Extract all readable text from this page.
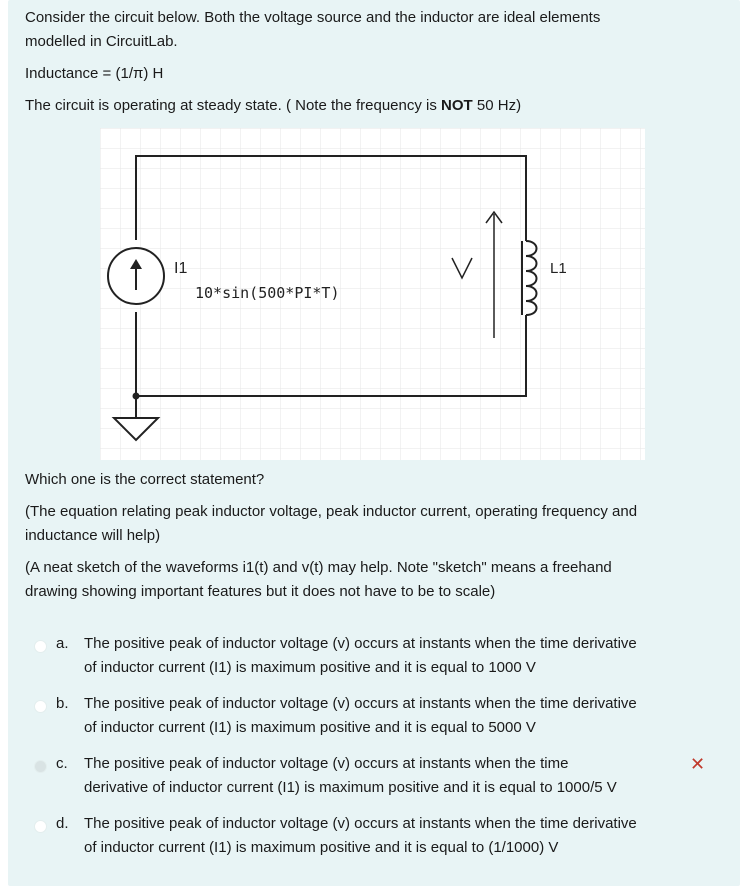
Consider the circuit below. Both the voltage source and the inductor are ideal elements

modelled in CircuitLab.

Inductance = (1/π) H

The circuit is operating at steady state. ( Note the frequency is NOT 50 Hz)

I1
10*sin(500*PI*T)
L1

Which one is the correct statement?

(The equation relating peak inductor voltage, peak inductor current, operating frequency and

inductance will help)

(A neat sketch of the waveforms i1(t) and v(t) may help. Note "sketch" means a freehand

drawing showing important features but it does not have to be to scale)

a. The positive peak of inductor voltage (v) occurs at instants when the time derivative
of inductor current (I1) is maximum positive and it is equal to 1000 V
b. The positive peak of inductor voltage (v) occurs at instants when the time derivative
of inductor current (I1) is maximum positive and it is equal to 5000 V
c. The positive peak of inductor voltage (v) occurs at instants when the time
derivative of inductor current (I1) is maximum positive and it is equal to 1000/5 V
✕
d. The positive peak of inductor voltage (v) occurs at instants when the time derivative
of inductor current (I1) is maximum positive and it is equal to (1/1000) V
